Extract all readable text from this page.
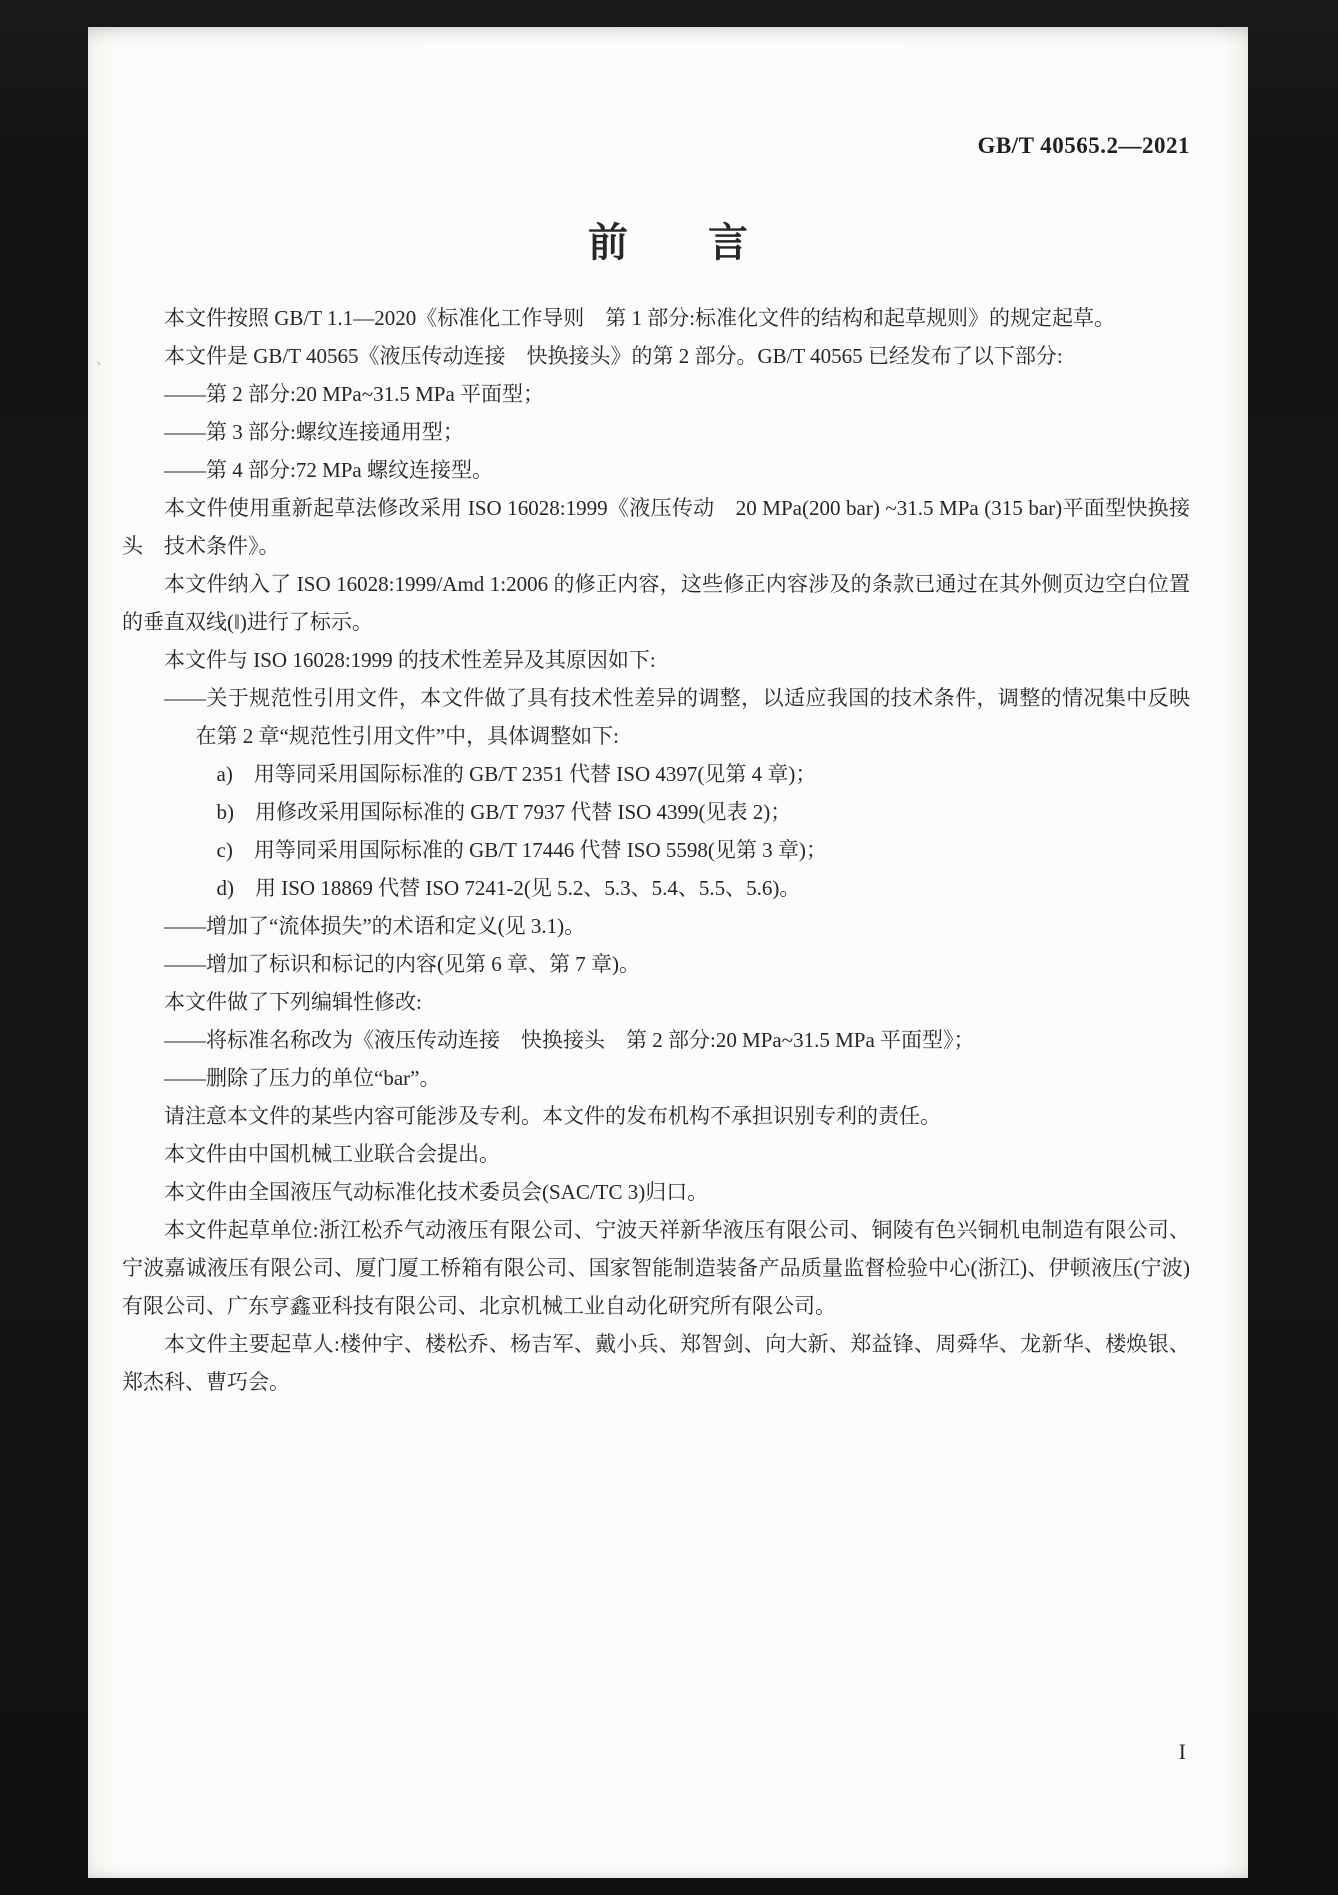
GB/T 40565.2—2021
前　　言
、

本文件按照 GB/T 1.1—2020《标准化工作导则　第 1 部分:标准化文件的结构和起草规则》的规定起草。

本文件是 GB/T 40565《液压传动连接　快换接头》的第 2 部分。GB/T 40565 已经发布了以下部分:

——第 2 部分:20 MPa~31.5 MPa 平面型；

——第 3 部分:螺纹连接通用型；

——第 4 部分:72 MPa 螺纹连接型。

本文件使用重新起草法修改采用 ISO 16028:1999《液压传动　20 MPa(200 bar) ~31.5 MPa (315 bar)平面型快换接头　技术条件》。

本文件纳入了 ISO 16028:1999/Amd 1:2006 的修正内容，这些修正内容涉及的条款已通过在其外侧页边空白位置的垂直双线(‖)进行了标示。

本文件与 ISO 16028:1999 的技术性差异及其原因如下:

——关于规范性引用文件，本文件做了具有技术性差异的调整，以适应我国的技术条件，调整的情况集中反映在第 2 章“规范性引用文件”中，具体调整如下:

a)　用等同采用国际标准的 GB/T 2351 代替 ISO 4397(见第 4 章)；

b)　用修改采用国际标准的 GB/T 7937 代替 ISO 4399(见表 2)；

c)　用等同采用国际标准的 GB/T 17446 代替 ISO 5598(见第 3 章)；

d)　用 ISO 18869 代替 ISO 7241-2(见 5.2、5.3、5.4、5.5、5.6)。

——增加了“流体损失”的术语和定义(见 3.1)。

——增加了标识和标记的内容(见第 6 章、第 7 章)。

本文件做了下列编辑性修改:

——将标准名称改为《液压传动连接　快换接头　第 2 部分:20 MPa~31.5 MPa 平面型》；

——删除了压力的单位“bar”。

请注意本文件的某些内容可能涉及专利。本文件的发布机构不承担识别专利的责任。

本文件由中国机械工业联合会提出。

本文件由全国液压气动标准化技术委员会(SAC/TC 3)归口。

本文件起草单位:浙江松乔气动液压有限公司、宁波天祥新华液压有限公司、铜陵有色兴铜机电制造有限公司、宁波嘉诚液压有限公司、厦门厦工桥箱有限公司、国家智能制造装备产品质量监督检验中心(浙江)、伊顿液压(宁波)有限公司、广东亨鑫亚科技有限公司、北京机械工业自动化研究所有限公司。

本文件主要起草人:楼仲宇、楼松乔、杨吉军、戴小兵、郑智剑、向大新、郑益锋、周舜华、龙新华、楼焕银、郑杰科、曹巧会。

I
